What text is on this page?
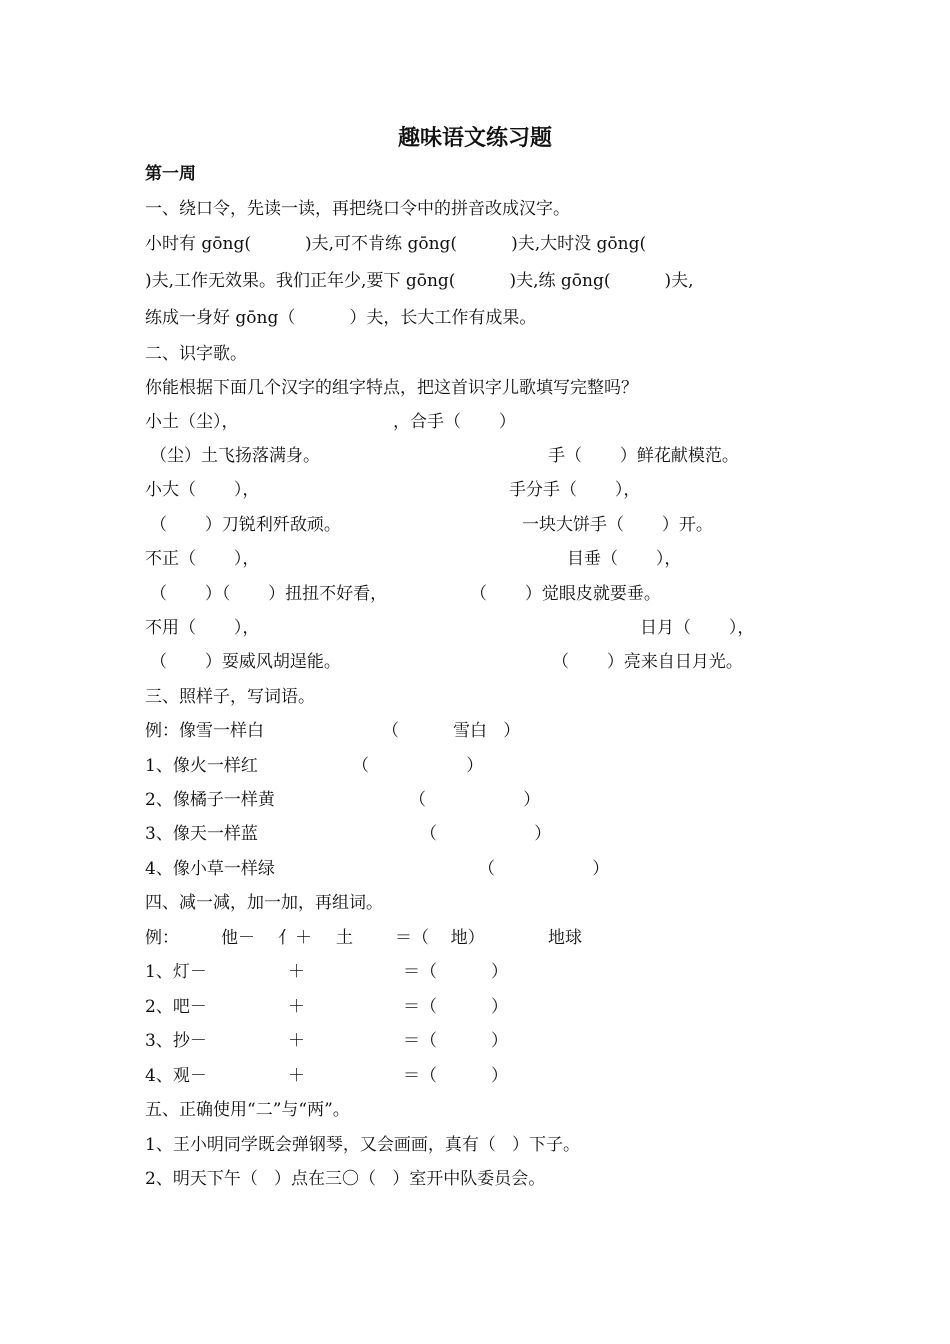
趣味语文练习题
第一周
一、绕口令，先读一读，再把绕口令中的拼音改成汉字。
小时有 gōng(          )夫,可不肯练 gōng(          )夫,大时没 gōng(
)夫,工作无效果。我们正年少,要下 gōng(          )夫,练 gōng(          )夫,
练成一身好 gōng（          ）夫，长大工作有成果。
二、识字歌。
你能根据下面几个汉字的组字特点，把这首识字儿歌填写完整吗？
小土（尘），	，合手（       ）
（尘）土飞扬落满身。	手（       ）鲜花献模范。
小大（       ），	手分手（       ），
（       ）刀锐利歼敌顽。	一块大饼手（       ）开。
不正（       ），	目垂（       ），
（       ）（       ）扭扭不好看，	（       ）觉眼皮就要垂。
不用（       ），	日月（       ），
（       ）耍威风胡逞能。	（       ）亮来自日月光。
三、照样子，写词语。
例：像雪一样白	（          雪白   ）
1、像火一样红	（                  ）
2、像橘子一样黄	（                  ）
3、像天一样蓝	（                  ）
4、像小草一样绿	（                  ）
四、减一减，加一加，再组词。
例： 他－ 亻＋ 土 ＝（    地）	地球
1、灯－	＋	＝（          ）
2、吧－	＋	＝（          ）
3、抄－	＋	＝（          ）
4、观－	＋	＝（          ）
五、正确使用“二”与“两”。
1、王小明同学既会弹钢琴，又会画画，真有（   ）下子。
2、明天下午（   ）点在三〇（   ）室开中队委员会。
